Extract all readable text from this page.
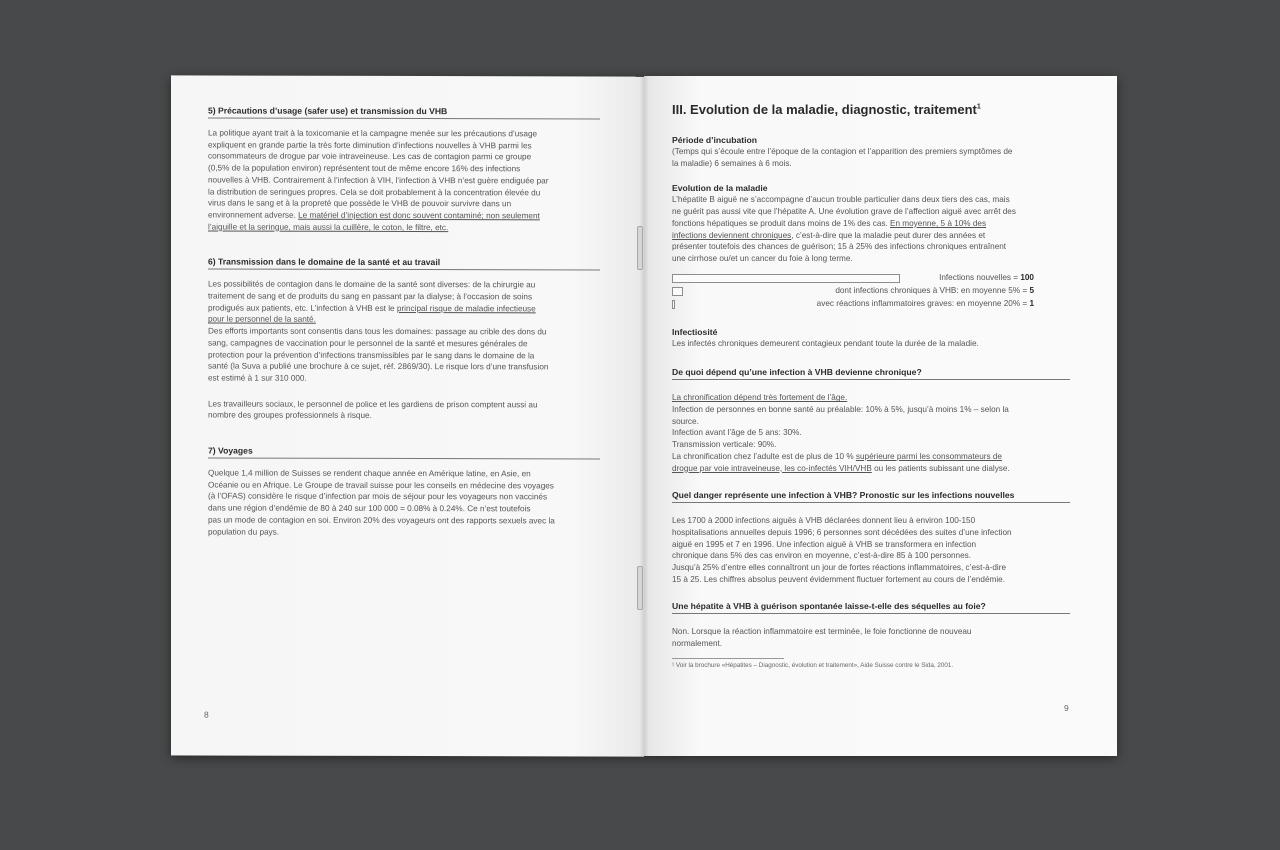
5) Précautions d’usage (safer use) et transmission du VHB
La politique ayant trait à la toxicomanie et la campagne menée sur les précautions d’usage
expliquent en grande partie la très forte diminution d’infections nouvelles à VHB parmi les
consommateurs de drogue par voie intraveineuse. Les cas de contagion parmi ce groupe
(0,5% de la population environ) représentent tout de même encore 16% des infections
nouvelles à VHB. Contrairement à l’infection à VIH, l’infection à VHB n’est guère endiguée par
la distribution de seringues propres. Cela se doit probablement à la concentration élevée du
virus dans le sang et à la propreté que possède le VHB de pouvoir survivre dans un
environnement adverse. Le matériel d’injection est donc souvent contaminé; non seulement
l’aiguille et la seringue, mais aussi la cuillère, le coton, le filtre, etc.
6) Transmission dans le domaine de la santé et au travail
Les possibilités de contagion dans le domaine de la santé sont diverses: de la chirurgie au
traitement de sang et de produits du sang en passant par la dialyse; à l’occasion de soins
prodigués aux patients, etc. L’infection à VHB est le principal risque de maladie infectieuse
pour le personnel de la santé.
Des efforts importants sont consentis dans tous les domaines: passage au crible des dons du
sang, campagnes de vaccination pour le personnel de la santé et mesures générales de
protection pour la prévention d’infections transmissibles par le sang dans le domaine de la
santé (la Suva a publié une brochure à ce sujet, réf. 2869/30). Le risque lors d’une transfusion
est estimé à 1 sur 310 000.
Les travailleurs sociaux, le personnel de police et les gardiens de prison comptent aussi au
nombre des groupes professionnels à risque.
7) Voyages
Quelque 1,4 million de Suisses se rendent chaque année en Amérique latine, en Asie, en
Océanie ou en Afrique. Le Groupe de travail suisse pour les conseils en médecine des voyages
(à l’OFAS) considère le risque d’infection par mois de séjour pour les voyageurs non vaccinés
dans une région d’endémie de 80 à 240 sur 100 000 = 0.08% à 0.24%. Ce n’est toutefois
pas un mode de contagion en soi. Environ 20% des voyageurs ont des rapports sexuels avec la
population du pays.
8
III. Evolution de la maladie, diagnostic, traitement$^1$
Période d’incubation
(Temps qui s’écoule entre l’époque de la contagion et l’apparition des premiers symptômes de
la maladie) 6 semaines à 6 mois.
Evolution de la maladie
L’hépatite B aiguë ne s’accompagne d’aucun trouble particulier dans deux tiers des cas, mais
ne guérit pas aussi vite que l’hépatite A. Une évolution grave de l’affection aiguë avec arrêt des
fonctions hépatiques se produit dans moins de 1% des cas. En moyenne, 5 à 10% des
infections deviennent chroniques, c’est-à-dire que la maladie peut durer des années et
présenter toutefois des chances de guérison; 15 à 25% des infections chroniques entraînent
une cirrhose ou/et un cancer du foie à long terme.
Infections nouvelles = 100
dont infections chroniques à VHB: en moyenne 5% = 5
avec réactions inflammatoires graves: en moyenne 20% = 1
Infectiosité
Les infectés chroniques demeurent contagieux pendant toute la durée de la maladie.
De quoi dépend qu’une infection à VHB devienne chronique?
La chronification dépend très fortement de l’âge.
Infection de personnes en bonne santé au préalable: 10% à 5%, jusqu’à moins 1% – selon la
source.
Infection avant l’âge de 5 ans: 30%.
Transmission verticale: 90%.
La chronification chez l’adulte est de plus de 10 % supérieure parmi les consommateurs de
drogue par voie intraveineuse, les co-infectés VIH/VHB ou les patients subissant une dialyse.
Quel danger représente une infection à VHB? Pronostic sur les infections nouvelles
Les 1700 à 2000 infections aiguës à VHB déclarées donnent lieu à environ 100-150
hospitalisations annuelles depuis 1996; 6 personnes sont décédées des suites d’une infection
aiguë en 1995 et 7 en 1996. Une infection aiguë à VHB se transformera en infection
chronique dans 5% des cas environ en moyenne, c’est-à-dire 85 à 100 personnes.
Jusqu’à 25% d’entre elles connaîtront un jour de fortes réactions inflammatoires, c’est-à-dire
15 à 25. Les chiffres absolus peuvent évidemment fluctuer fortement au cours de l’endémie.
Une hépatite à VHB à guérison spontanée laisse-t-elle des séquelles au foie?
Non. Lorsque la réaction inflammatoire est terminée, le foie fonctionne de nouveau
normalement.
¹ Voir la brochure «Hépatites – Diagnostic, évolution et traitement», Aide Suisse contre le Sida, 2001.
9
